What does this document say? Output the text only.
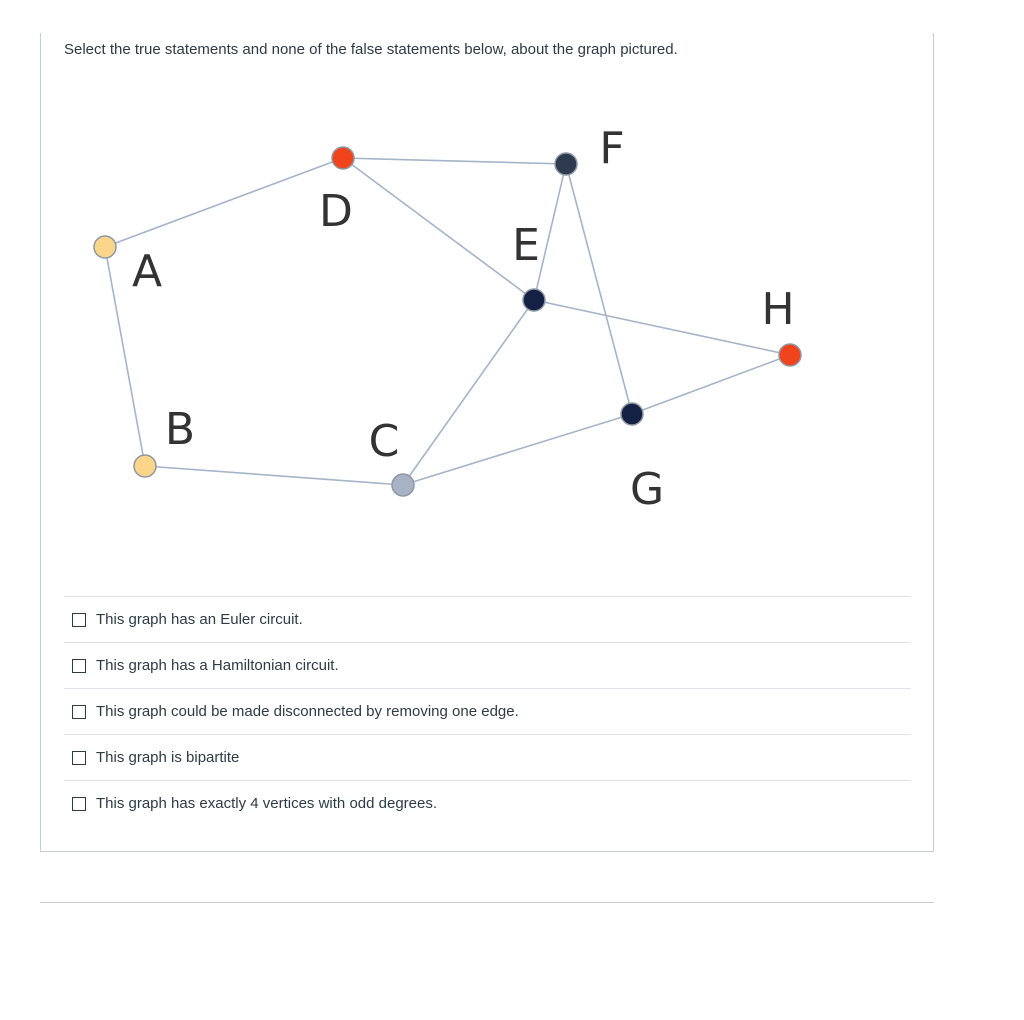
Select the true statements and none of the false statements below, about the graph pictured.
A
B	C
D
E
F
G
H
This graph has an Euler circuit.
This graph has a Hamiltonian circuit.
This graph could be made disconnected by removing one edge.
This graph is bipartite
This graph has exactly 4 vertices with odd degrees.
